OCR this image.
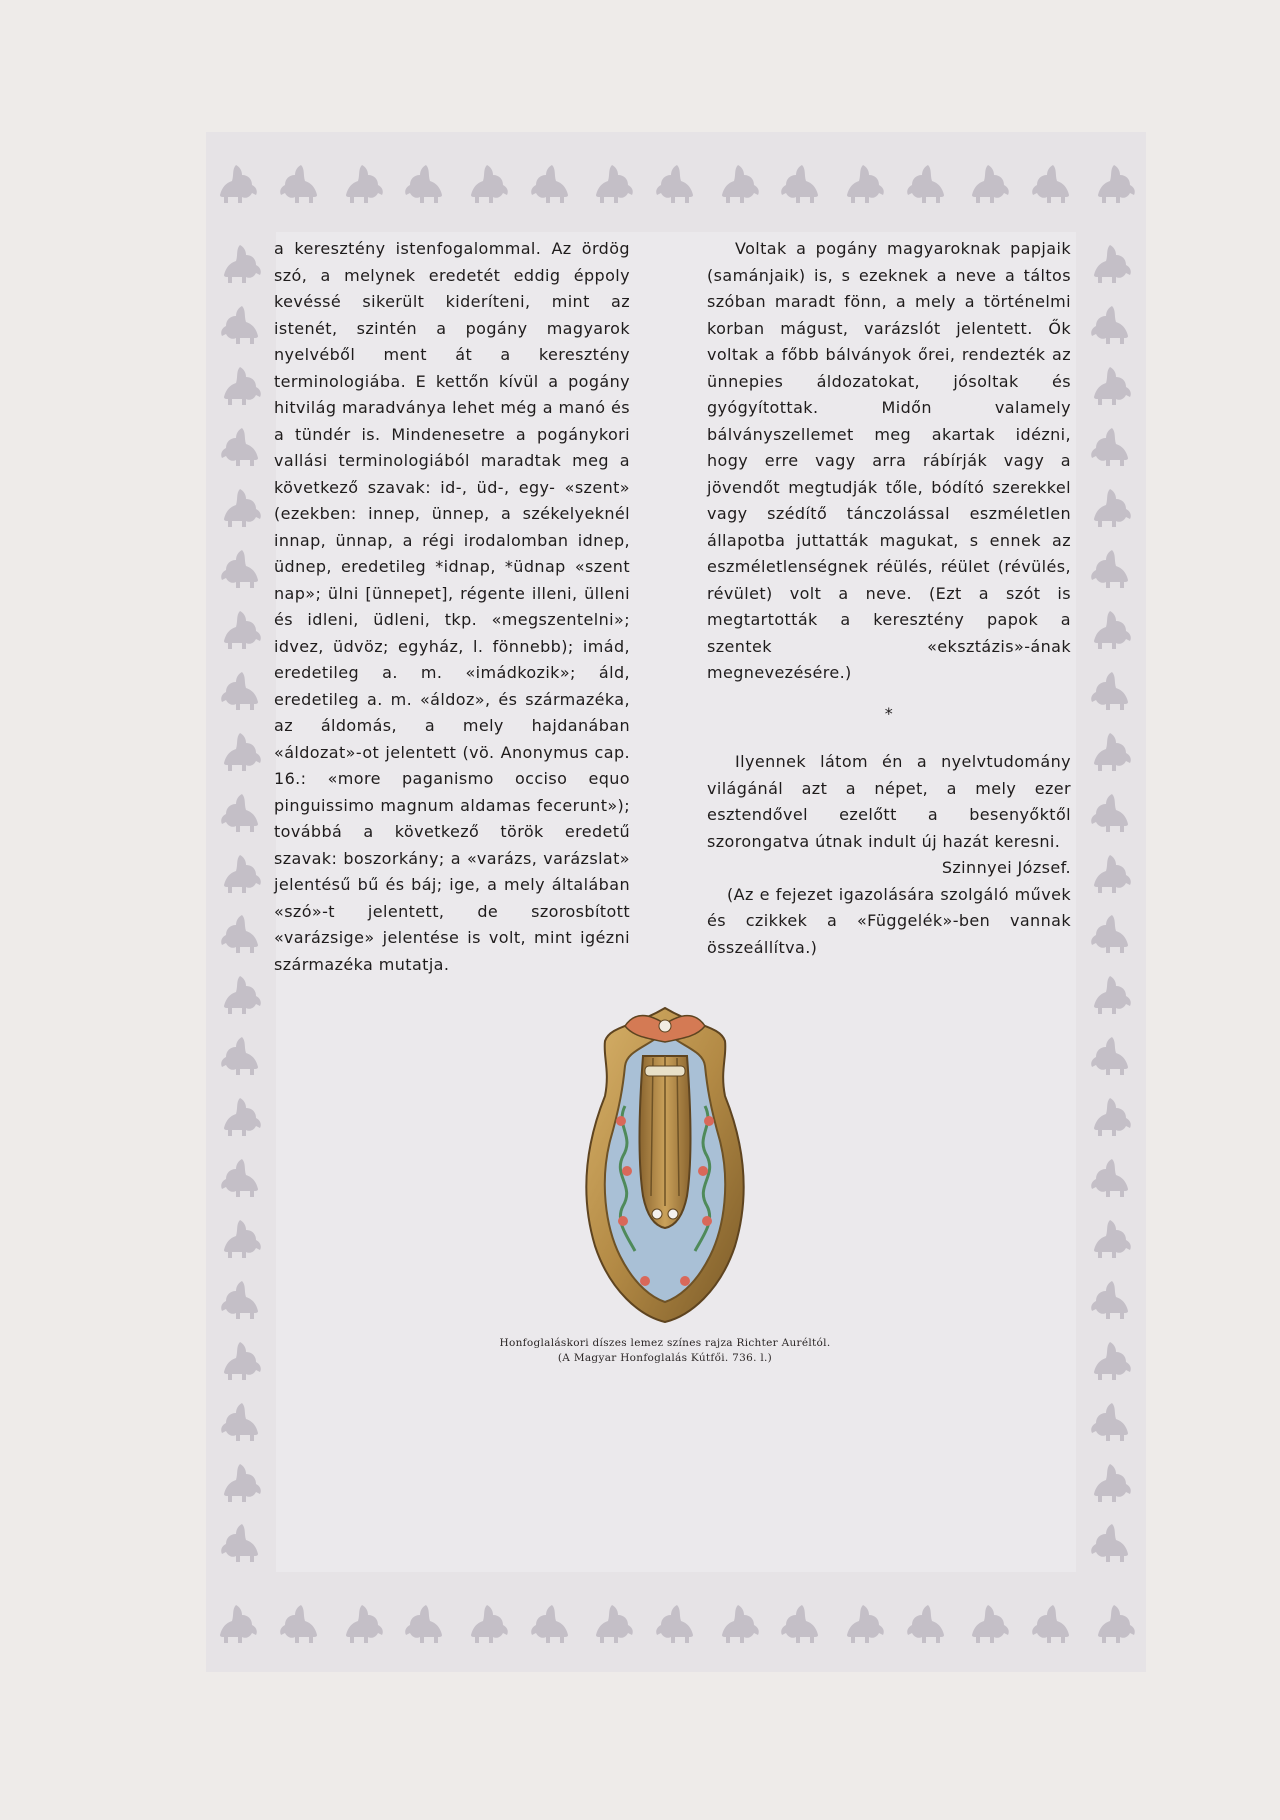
a keresztény istenfogalommal. Az ördög szó, a melynek eredetét eddig éppoly kevéssé sikerült kideríteni, mint az istenét, szintén a pogány magyarok nyelvéből ment át a keresztény terminologiába. E kettőn kívül a pogány hitvilág maradványa lehet még a manó és a tündér is. Mindenesetre a pogánykori vallási terminologiából maradtak meg a következő szavak: id-, üd-, egy- «szent» (ezekben: innep, ünnep, a székelyeknél innap, ünnap, a régi irodalomban idnep, üdnep, eredetileg *idnap, *üdnap «szent nap»; ülni [ünnepet], régente illeni, ülleni és idleni, üdleni, tkp. «megszentelni»; idvez, üdvöz; egyház, l. fönnebb); imád, eredetileg a. m. «imádkozik»; áld, eredetileg a. m. «áldoz», és származéka, az áldomás, a mely hajdanában «áldozat»-ot jelentett (vö. Anonymus cap. 16.: «more paganismo occiso equo pinguissimo magnum aldamas fecerunt»); továbbá a következő török eredetű szavak: boszorkány; a «varázs, varázslat» jelentésű bű és báj; ige, a mely általában «szó»-t jelentett, de szorosbított «varázsige» jelentése is volt, mint igézni származéka mutatja.

Voltak a pogány magyaroknak papjaik (samánjaik) is, s ezeknek a neve a táltos szóban maradt fönn, a mely a történelmi korban mágust, varázslót jelentett. Ők voltak a főbb bálványok őrei, rendezték az ünnepies áldozatokat, jósoltak és gyógyítottak. Midőn valamely bálványszellemet meg akartak idézni, hogy erre vagy arra rábírják vagy a jövendőt megtudják tőle, bódító szerekkel vagy szédítő tánczolással eszméletlen állapotba juttatták magukat, s ennek az eszméletlenségnek réülés, réület (révülés, révület) volt a neve. (Ezt a szót is megtartották a keresztény papok a szentek «eksztázis»-ának megnevezésére.)

*

Ilyennek látom én a nyelvtudomány világánál azt a népet, a mely ezer esztendővel ezelőtt a besenyőktől szorongatva útnak indult új hazát keresni.

Szinnyei József.

(Az e fejezet igazolására szolgáló művek és czikkek a «Függelék»-ben vannak összeállítva.)

Honfoglaláskori díszes lemez színes rajza Richter Auréltól.
(A Magyar Honfoglalás Kútfői. 736. l.)
